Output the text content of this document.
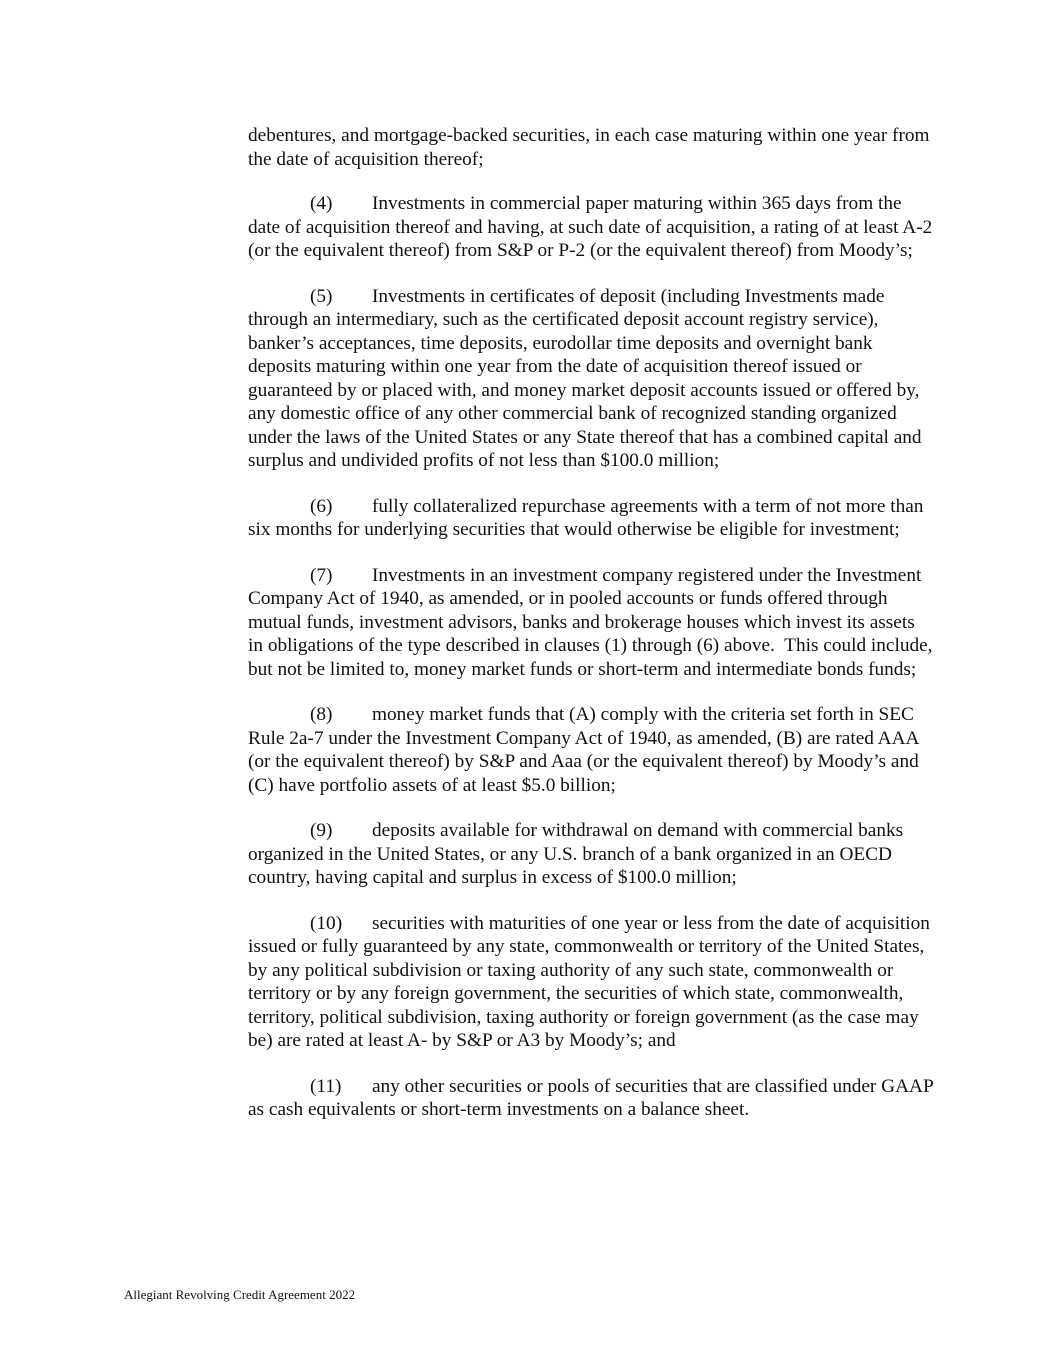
debentures, and mortgage-backed securities, in each case maturing within one year from the date of acquisition thereof;

(4) Investments in commercial paper maturing within 365 days from the date of acquisition thereof and having, at such date of acquisition, a rating of at least A-2 (or the equivalent thereof) from S&P or P-2 (or the equivalent thereof) from Moody’s;

(5) Investments in certificates of deposit (including Investments made through an intermediary, such as the certificated deposit account registry service), banker’s acceptances, time deposits, eurodollar time deposits and overnight bank deposits maturing within one year from the date of acquisition thereof issued or guaranteed by or placed with, and money market deposit accounts issued or offered by, any domestic office of any other commercial bank of recognized standing organized under the laws of the United States or any State thereof that has a combined capital and surplus and undivided profits of not less than $100.0 million;

(6) fully collateralized repurchase agreements with a term of not more than six months for underlying securities that would otherwise be eligible for investment;

(7) Investments in an investment company registered under the Investment Company Act of 1940, as amended, or in pooled accounts or funds offered through mutual funds, investment advisors, banks and brokerage houses which invest its assets in obligations of the type described in clauses (1) through (6) above.  This could include, but not be limited to, money market funds or short-term and intermediate bonds funds;

(8) money market funds that (A) comply with the criteria set forth in SEC Rule 2a-7 under the Investment Company Act of 1940, as amended, (B) are rated AAA (or the equivalent thereof) by S&P and Aaa (or the equivalent thereof) by Moody’s and (C) have portfolio assets of at least $5.0 billion;

(9) deposits available for withdrawal on demand with commercial banks organized in the United States, or any U.S. branch of a bank organized in an OECD country, having capital and surplus in excess of $100.0 million;

(10) securities with maturities of one year or less from the date of acquisition issued or fully guaranteed by any state, commonwealth or territory of the United States, by any political subdivision or taxing authority of any such state, commonwealth or territory or by any foreign government, the securities of which state, commonwealth, territory, political subdivision, taxing authority or foreign government (as the case may be) are rated at least A- by S&P or A3 by Moody’s; and

(11) any other securities or pools of securities that are classified under GAAP as cash equivalents or short-term investments on a balance sheet.

Allegiant Revolving Credit Agreement 2022
